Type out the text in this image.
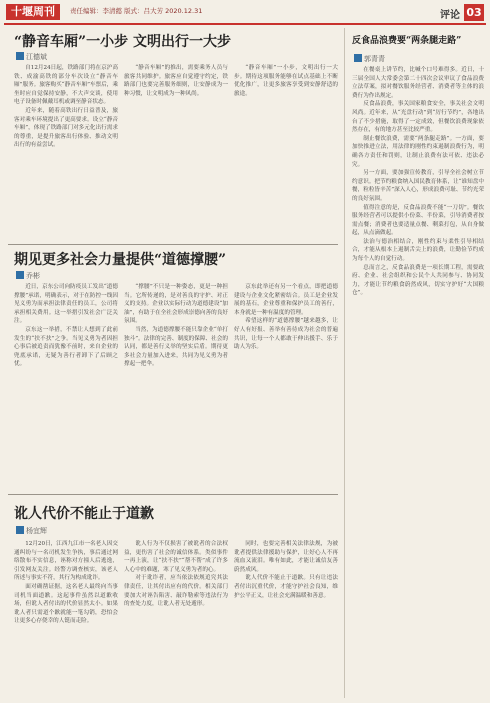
十堰周刊	责任编辑：李清懿 版式：吕大芳 2020.12.31	评论 03
“静音车厢”一小步 文明出行一大步
江德斌

自12月24日起，铁路部门将在京沪高铁、成渝高铁的部分车次设立“静音车厢”服务。旅客购买“静音车厢”车票后，乘坐时应自觉保持安静，不大声交谈，使用电子设备时佩戴耳机或调至静音状态。

近年来，随着高铁出行日益普及，旅客对乘车环境提出了更高要求。设立“静音车厢”，体现了铁路部门对多元化出行需求的尊重，是提升旅客出行体验、推动文明出行的有益尝试。

“静音车厢”的推出，需要乘务人员与旅客共同维护。旅客应自觉遵守约定，铁路部门也要完善服务细则，让安静成为一种习惯，让文明成为一种风尚。

“静音车厢”一小步，文明出行一大步。期待这项服务能够在试点基础上不断优化推广，让更多旅客享受到安静舒适的旅途。

期见更多社会力量提供“道德撑腰”
乔彬

近日，京东公司向防疫员工发出“道德撑腰”承诺，明确表示，对于在防控一线因见义勇为而承担法律责任的员工，公司将承担相关费用。这一举措引发社会广泛关注。

京东这一举措，不禁让人想到了此前发生的“扶不扶”之争。当见义勇为者因担心事后被追责而犹豫不前时，来自企业的兜底承诺，无疑为善行者卸下了后顾之忧。

“撑腰”不只是一种姿态，更是一种担当。它所传递的，是对善良的守护、对正义的支持。企业以实际行动为道德建设“加油”，有助于在全社会形成崇德向善的良好氛围。

当然，为道德撑腰不能只靠企业“单打独斗”。法律的完善、制度的保障、社会的认同，都是善行义举的坚实后盾。期待更多社会力量加入进来，共同为见义勇为者撑起一把伞。

京东此举还有另一个看点，即把道德建设与企业文化紧密结合。员工是企业发展的基石，企业尊重和保护员工的善行，本身就是一种有温度的管理。

希望这样的“道德撑腰”越来越多，让好人有好报、善举有善待成为社会的普遍共识，让每一个人都敢于伸出援手、乐于助人为乐。

讹人代价不能止于道歉
杨宜辉

12月20日，江西九江市一名老人因交通纠纷与一名司机发生争执，事后通过网络散布不实信息，诬称对方撞人后逃逸，引发网友关注。经警方调查核实，该老人所述与事实不符，其行为构成讹诈。

面对确凿证据，这名老人最终向当事司机当面道歉。这起事件虽然以道歉收场，但讹人者付出的代价显然太小。如果讹人者只需道个歉就能一笔勾销，恐怕会让更多心存侥幸的人铤而走险。

讹人行为不仅损害了被讹者的合法权益，更伤害了社会的诚信体系。类似事件一再上演，让“扶不扶”“帮不帮”成了许多人心中的难题，寒了见义勇为者的心。

对于讹诈者，应当依法依规追究其法律责任，让其付出应有的代价。相关部门要加大对诬告陷害、敲诈勒索等违法行为的查处力度，让讹人者无处遁形。

同时，也要完善相关法律法规，为被讹者提供法律援助与保护，让好心人不再流血又流泪。唯有如此，才能让诚信友善蔚然成风。

讹人代价不能止于道歉。只有让违法者付出沉重代价，才能守护社会良知，维护公平正义，让社会充满温暖和善意。

反食品浪费要“两条腿走路”
郭青青

在餐桌上讲节约，比喊个口号难得多。近日，十三届全国人大常委会第二十四次会议审议了食品浪费立法草案，拟对餐饮服务经营者、消费者等主体的浪费行为作出规定。

反食品浪费，事关国家粮食安全，事关社会文明风尚。近年来，从“光盘行动”到“厉行节约”，各地出台了不少措施，取得了一定成效，但餐饮浪费现象依然存在，有的地方甚至比较严重。

制止餐饮浪费，需要“两条腿走路”。一方面，要加快推进立法，用法律的刚性约束遏制浪费行为，明确各方责任和罚则，让制止浪费有法可依、违法必究。

另一方面，要加强宣传教育，引导全社会树立节约意识。把节约粮食纳入国民教育体系，让“谁知盘中餐，粒粒皆辛苦”深入人心，形成浪费可耻、节约光荣的良好氛围。

值得注意的是，反食品浪费不能“一刀切”。餐饮服务经营者可以提供小份菜、半份菜，引导消费者按需点餐；消费者也要适量点餐、剩菜打包，从自身做起，从点滴做起。

法治与德治相结合，刚性约束与柔性引导相结合，才能从根本上遏制舌尖上的浪费，让勤俭节约成为每个人的自觉行动。

总而言之，反食品浪费是一项长期工程，需要政府、企业、社会组织和公民个人共同参与、协同发力，才能让节约粮食蔚然成风，切实守护好“大国粮仓”。
